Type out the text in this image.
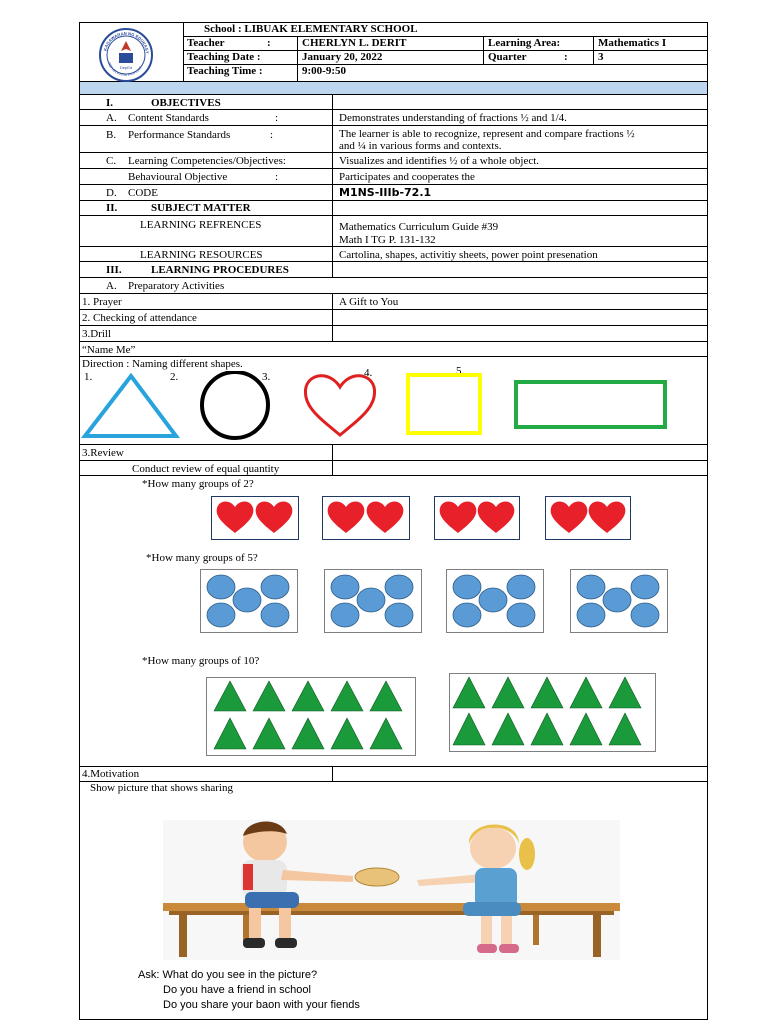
KAGAWARAN NG EDUKASY
REPUBLIKA NG PILIPINAS
DepEd
School : LIBUAK ELEMENTARY SCHOOL
Teacher	:	CHERLYN L. DERIT	Learning Area:	Mathematics I
Teaching Date :	January 20, 2022	Quarter	:	3
Teaching Time :	9:00-9:50
I.	OBJECTIVES
A. Content Standards	:	Demonstrates understanding of fractions ½ and 1/4.
B. Performance Standards	:	The learner is able to recognize, represent and compare fractions ½
and ¼ in various forms and contexts.
C. Learning Competencies/Objectives:	Visualizes and identifies ½ of a whole object.
Behavioural Objective	:	Participates and cooperates the
D. CODE	M1NS-IIIb-72.1
II.	SUBJECT MATTER
LEARNING REFRENCES	Mathematics Curriculum Guide #39
Math I TG P. 131-132
LEARNING RESOURCES	Cartolina, shapes, activitiy sheets, power point presenation
III.	LEARNING PROCEDURES
A. Preparatory Activities
1. Prayer	A Gift to You
2. Checking of attendance
3.Drill
“Name Me”
Direction : Naming different shapes.
1.	2.	3.	4.	5.
3.Review
Conduct review of equal quantity
*How many groups of 2?
*How many groups of 5?
*How many groups of 10?
4.Motivation
Show picture that shows sharing
Ask: What do you see in the picture?
Do you have a friend in school
Do you share your baon with your fiends
